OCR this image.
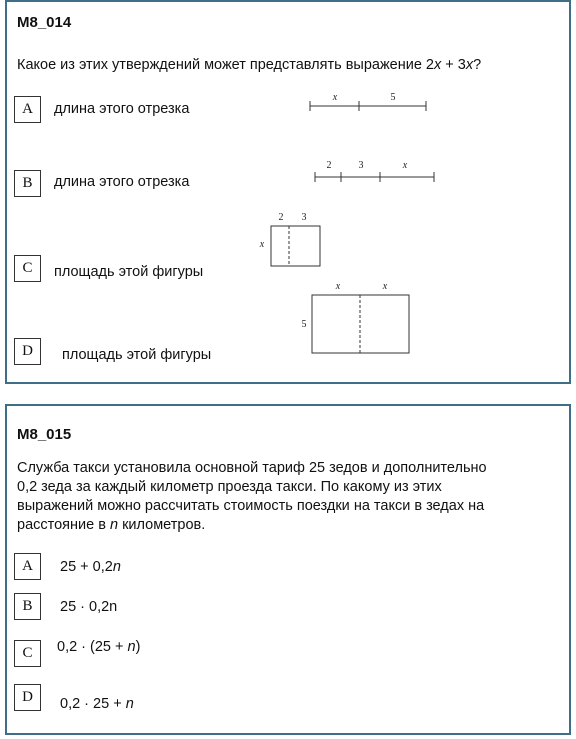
M8_014
Какое из этих утверждений может представлять выражение 2x + 3x?
A	длина этого отрезка
x	5
B	длина этого отрезка
2	3	x
C	площадь этой фигуры
2 3
x
D	площадь этой фигуры
x	x
5
M8_015
Служба такси установила основной тариф 25 зедов и дополнительно
0,2 зеда за каждый километр проезда такси. По какому из этих
выражений можно рассчитать стоимость поездки на такси в зедах на
расстояние в n километров.
A	25 + 0,2n
B	25 · 0,2n
C	0,2 · (25 + n)
D	0,2 · 25 + n
